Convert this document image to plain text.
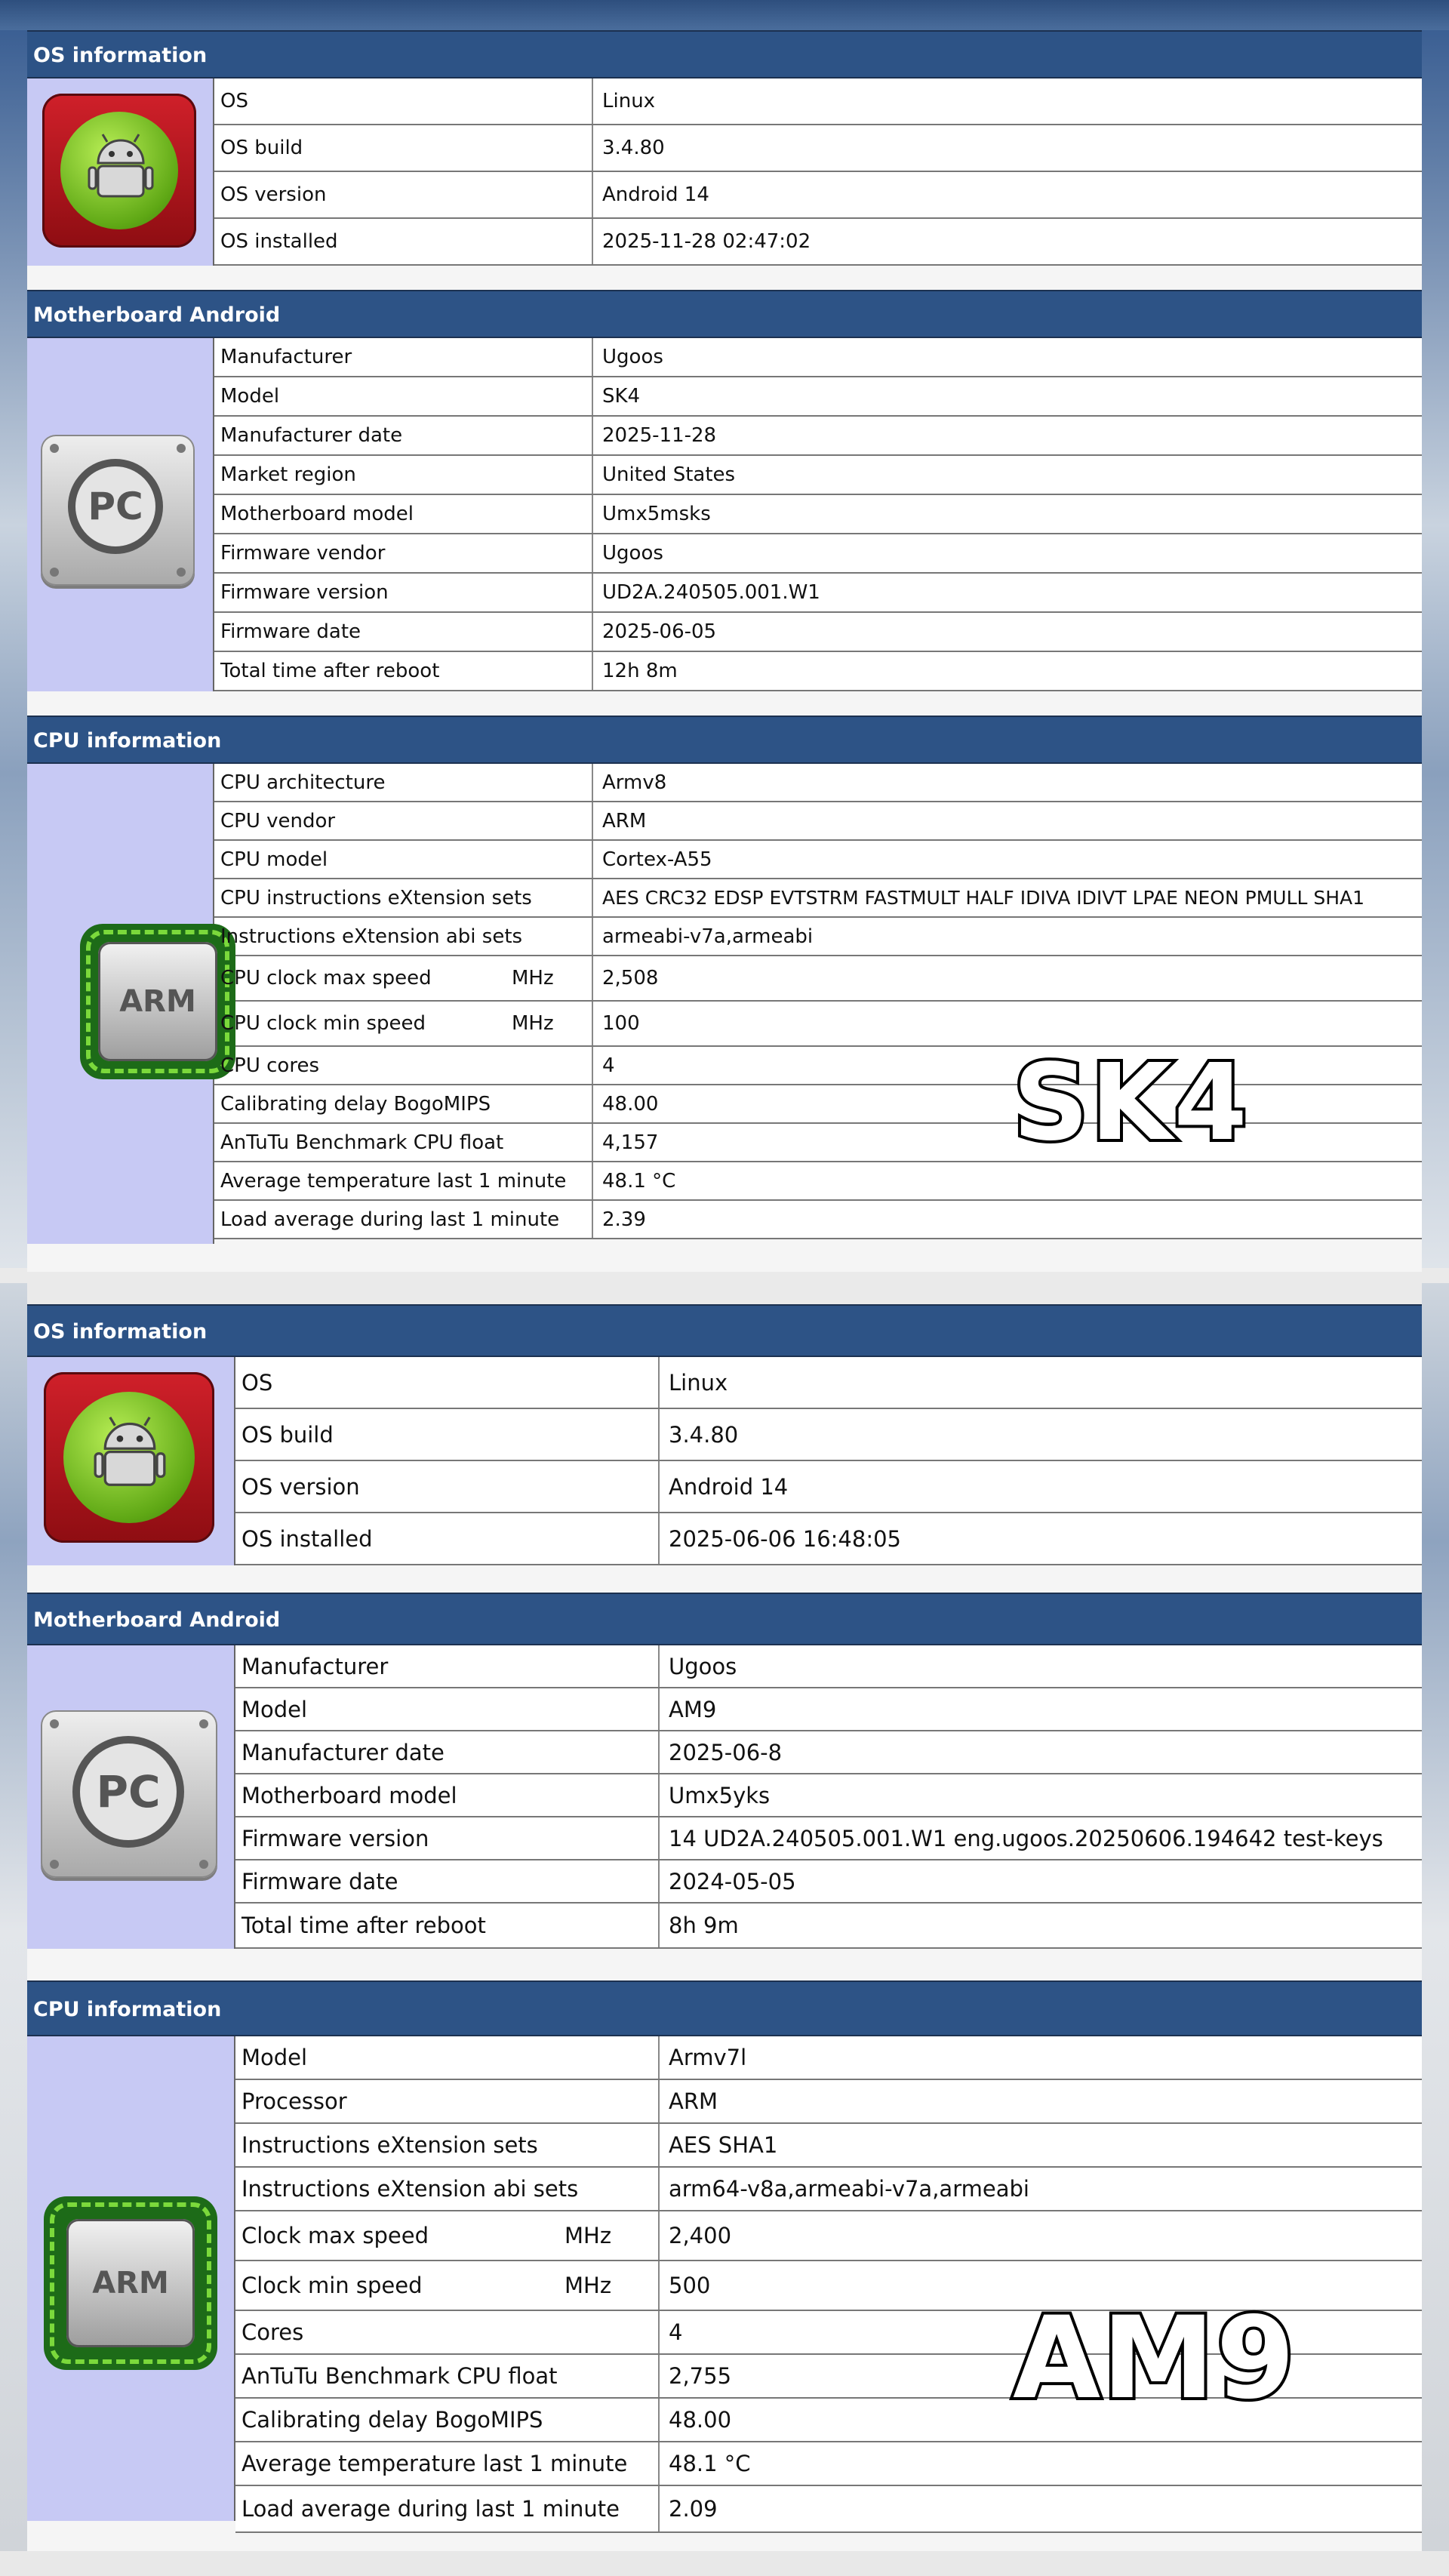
OS information
OS	Linux
OS build	3.4.80
OS version	Android 14
OS installed	2025-11-28 02:47:02
Motherboard Android
PC
Manufacturer	Ugoos
Model	SK4
Manufacturer date	2025-11-28
Market region	United States
Motherboard model	Umx5msks
Firmware vendor	Ugoos
Firmware version	UD2A.240505.001.W1
Firmware date	2025-06-05
Total time after reboot	12h 8m
CPU information
ARM
CPU architecture	Armv8
CPU vendor	ARM
CPU model	Cortex-A55
CPU instructions eXtension sets	AES CRC32 EDSP EVTSTRM FASTMULT HALF IDIVA IDIVT LPAE NEON PMULL SHA1
Instructions eXtension abi sets	armeabi-v7a,armeabi
CPU clock max speed	MHz	2,508
CPU clock min speed	MHz	100
CPU cores	4
Calibrating delay BogoMIPS	48.00
AnTuTu Benchmark CPU float	4,157
Average temperature last 1 minute	48.1 °C
Load average during last 1 minute	2.39
SK4
OS information
OS	Linux
OS build	3.4.80
OS version	Android 14
OS installed	2025-06-06 16:48:05
Motherboard Android
PC
Manufacturer	Ugoos
Model	AM9
Manufacturer date	2025-06-8
Motherboard model	Umx5yks
Firmware version	14 UD2A.240505.001.W1 eng.ugoos.20250606.194642 test-keys
Firmware date	2024-05-05
Total time after reboot	8h 9m
CPU information
ARM
Model	Armv7l
Processor	ARM
Instructions eXtension sets	AES SHA1
Instructions eXtension abi sets	arm64-v8a,armeabi-v7a,armeabi
Clock max speed	MHz	2,400
Clock min speed	MHz	500
Cores	4
AnTuTu Benchmark CPU float	2,755
Calibrating delay BogoMIPS	48.00
Average temperature last 1 minute	48.1 °C
Load average during last 1 minute	2.09
AM9
